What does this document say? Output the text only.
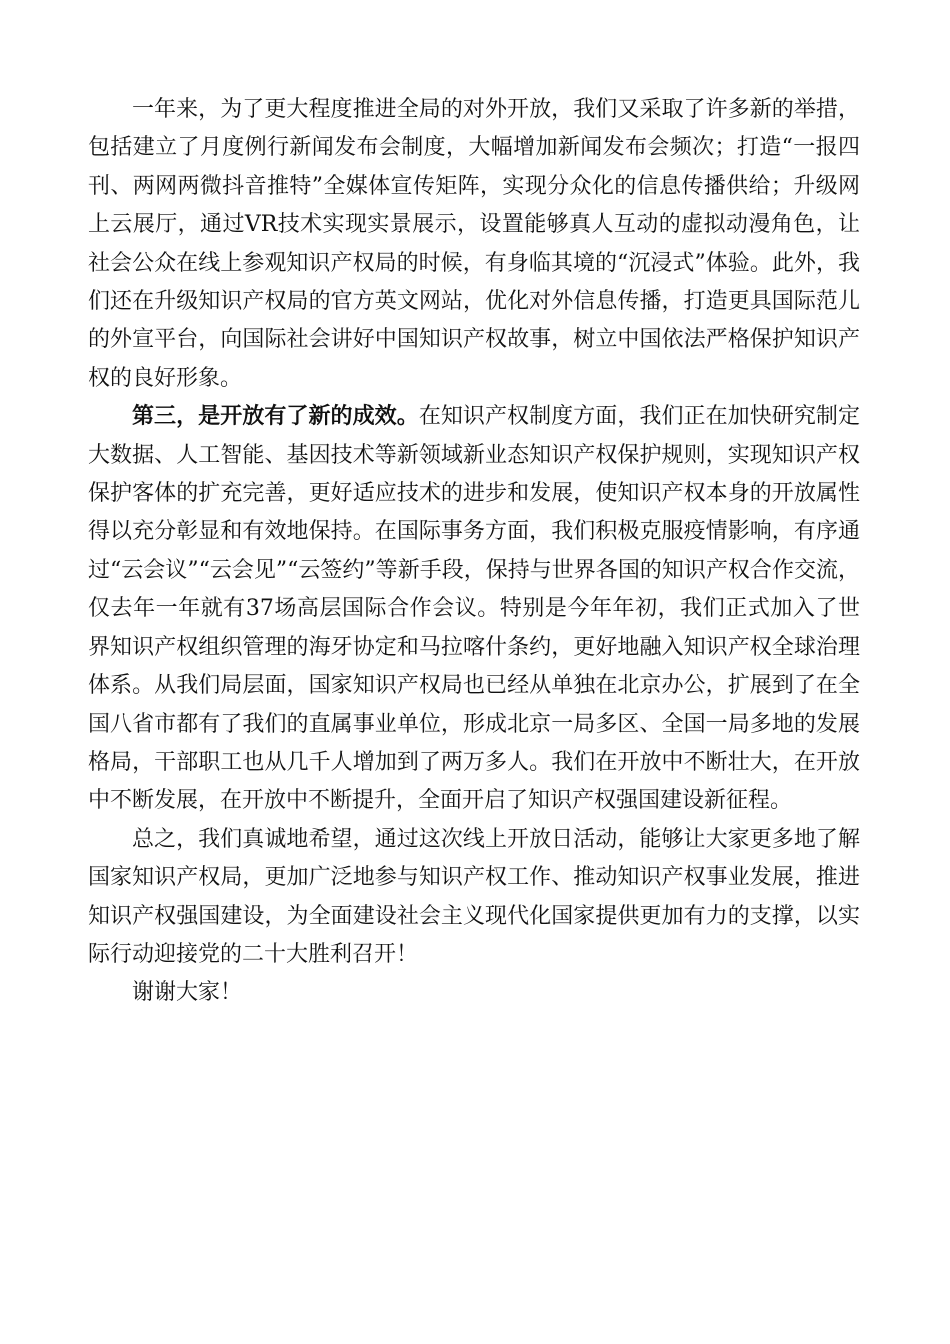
一年来，为了更大程度推进全局的对外开放，我们又采取了许多新的举措，包括建立了月度例行新闻发布会制度，大幅增加新闻发布会频次；打造“一报四刊、两网两微抖音推特”全媒体宣传矩阵，实现分众化的信息传播供给；升级网上云展厅，通过VR技术实现实景展示，设置能够真人互动的虚拟动漫角色，让社会公众在线上参观知识产权局的时候，有身临其境的“沉浸式”体验。此外，我们还在升级知识产权局的官方英文网站，优化对外信息传播，打造更具国际范儿的外宣平台，向国际社会讲好中国知识产权故事，树立中国依法严格保护知识产权的良好形象。

第三，是开放有了新的成效。在知识产权制度方面，我们正在加快研究制定大数据、人工智能、基因技术等新领域新业态知识产权保护规则，实现知识产权保护客体的扩充完善，更好适应技术的进步和发展，使知识产权本身的开放属性得以充分彰显和有效地保持。在国际事务方面，我们积极克服疫情影响，有序通过“云会议”“云会见”“云签约”等新手段，保持与世界各国的知识产权合作交流，仅去年一年就有37场高层国际合作会议。特别是今年年初，我们正式加入了世界知识产权组织管理的海牙协定和马拉喀什条约，更好地融入知识产权全球治理体系。从我们局层面，国家知识产权局也已经从单独在北京办公，扩展到了在全国八省市都有了我们的直属事业单位，形成北京一局多区、全国一局多地的发展格局，干部职工也从几千人增加到了两万多人。我们在开放中不断壮大，在开放中不断发展，在开放中不断提升，全面开启了知识产权强国建设新征程。

总之，我们真诚地希望，通过这次线上开放日活动，能够让大家更多地了解国家知识产权局，更加广泛地参与知识产权工作、推动知识产权事业发展，推进知识产权强国建设，为全面建设社会主义现代化国家提供更加有力的支撑，以实际行动迎接党的二十大胜利召开！

谢谢大家！
